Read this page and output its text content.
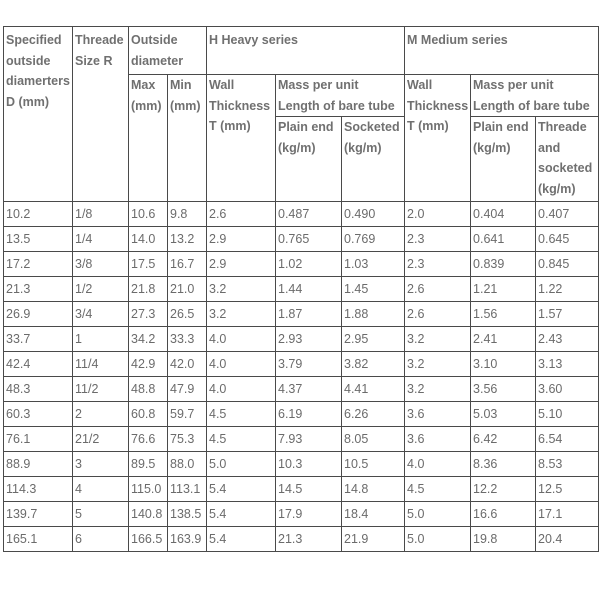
Specified outside diamerters D (mm)	Threade Size R	Outside diameter		H Heavy series			M Medium series		
				Wall Thickness T (mm)	Mass per unit Length of bare tube		Wall Thickness T (mm)	Mass per unit Length of bare tube	
		Max (mm)	Min (mm)						
					Plain end (kg/m)	Socketed (kg/m)		Plain end (kg/m)	Threade and socketed (kg/m)
10.2	1/8	10.6	9.8	2.6	0.487	0.490	2.0	0.404	0.407
13.5	1/4	14.0	13.2	2.9	0.765	0.769	2.3	0.641	0.645
17.2	3/8	17.5	16.7	2.9	1.02	1.03	2.3	0.839	0.845
21.3	1/2	21.8	21.0	3.2	1.44	1.45	2.6	1.21	1.22
26.9	3/4	27.3	26.5	3.2	1.87	1.88	2.6	1.56	1.57
33.7	1	34.2	33.3	4.0	2.93	2.95	3.2	2.41	2.43
42.4	11/4	42.9	42.0	4.0	3.79	3.82	3.2	3.10	3.13
48.3	11/2	48.8	47.9	4.0	4.37	4.41	3.2	3.56	3.60
60.3	2	60.8	59.7	4.5	6.19	6.26	3.6	5.03	5.10
76.1	21/2	76.6	75.3	4.5	7.93	8.05	3.6	6.42	6.54
88.9	3	89.5	88.0	5.0	10.3	10.5	4.0	8.36	8.53
114.3	4	115.0	113.1	5.4	14.5	14.8	4.5	12.2	12.5
139.7	5	140.8	138.5	5.4	17.9	18.4	5.0	16.6	17.1
165.1	6	166.5	163.9	5.4	21.3	21.9	5.0	19.8	20.4
